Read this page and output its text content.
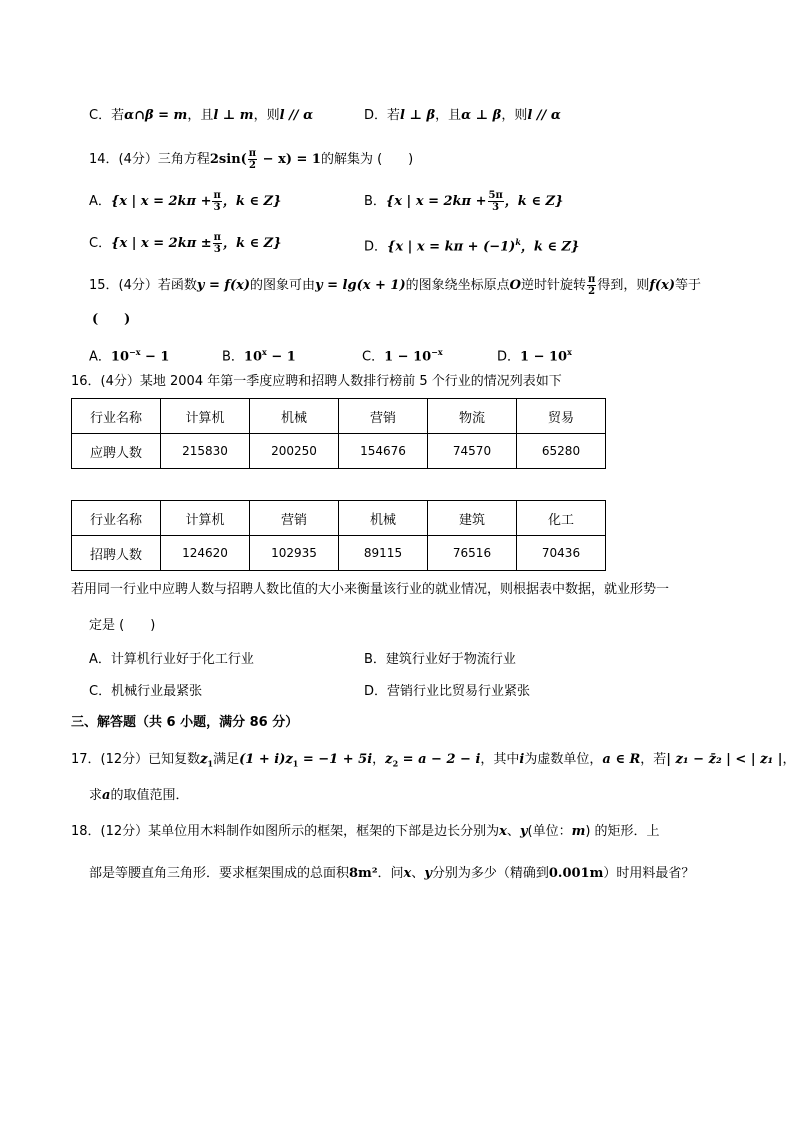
C．若α∩β = m，且l ⊥ m，则l // α	D．若l ⊥ β，且α ⊥ β，则l // α
14．(4分）三角方程$2\sin( \frac{\pi}{2} - x) = 1$的解集为 (　　)
A．{x | $x = 2k\pi + \frac{\pi}{3}$ ，k ∈ Z}	B．{x | $x = 2k\pi + \frac{5\pi}{3}$ ，k ∈ Z}
C．{x | $x = 2k\pi \pm \frac{\pi}{3}$ ，k ∈ Z}	D．{x | $x = k\pi + (-1)^k$，k ∈ Z}
15．(4分）若函数y = f(x)的图象可由y = lg(x + 1)的图象绕坐标原点O逆时针旋转 $\frac{\pi}{2}$ 得到，则f(x)等于
(　　)
A．$10^{-x} - 1$	B．$10^x - 1$	C．$1 - 10^{-x}$	D．$1 - 10^x$
16．(4分）某地 2004 年第一季度应聘和招聘人数排行榜前 5 个行业的情况列表如下
行业名称	计算机	机械	营销	物流	贸易
应聘人数	215830	200250	154676	74570	65280
行业名称	计算机	营销	机械	建筑	化工
招聘人数	124620	102935	89115	76516	70436
若用同一行业中应聘人数与招聘人数比值的大小来衡量该行业的就业情况，则根据表中数据，就业形势一
定是 (　　)
A．计算机行业好于化工行业	B．建筑行业好于物流行业
C．机械行业最紧张	D．营销行业比贸易行业紧张
三、解答题（共 6 小题，满分 86 分）
17．(12分）已知复数$z_1$满足$(1 + i)z_1 = -1 + 5i$，$z_2 = a - 2 - i$，其中i为虚数单位，a ∈ R，若| z₁ − z̄₂ | < | z₁ |，
求a的取值范围．
18．(12分）某单位用木料制作如图所示的框架，框架的下部是边长分别为x、y(单位：m) 的矩形．上
部是等腰直角三角形．要求框架围成的总面积8m²．问x、y分别为多少（精确到0.001m）时用料最省？
